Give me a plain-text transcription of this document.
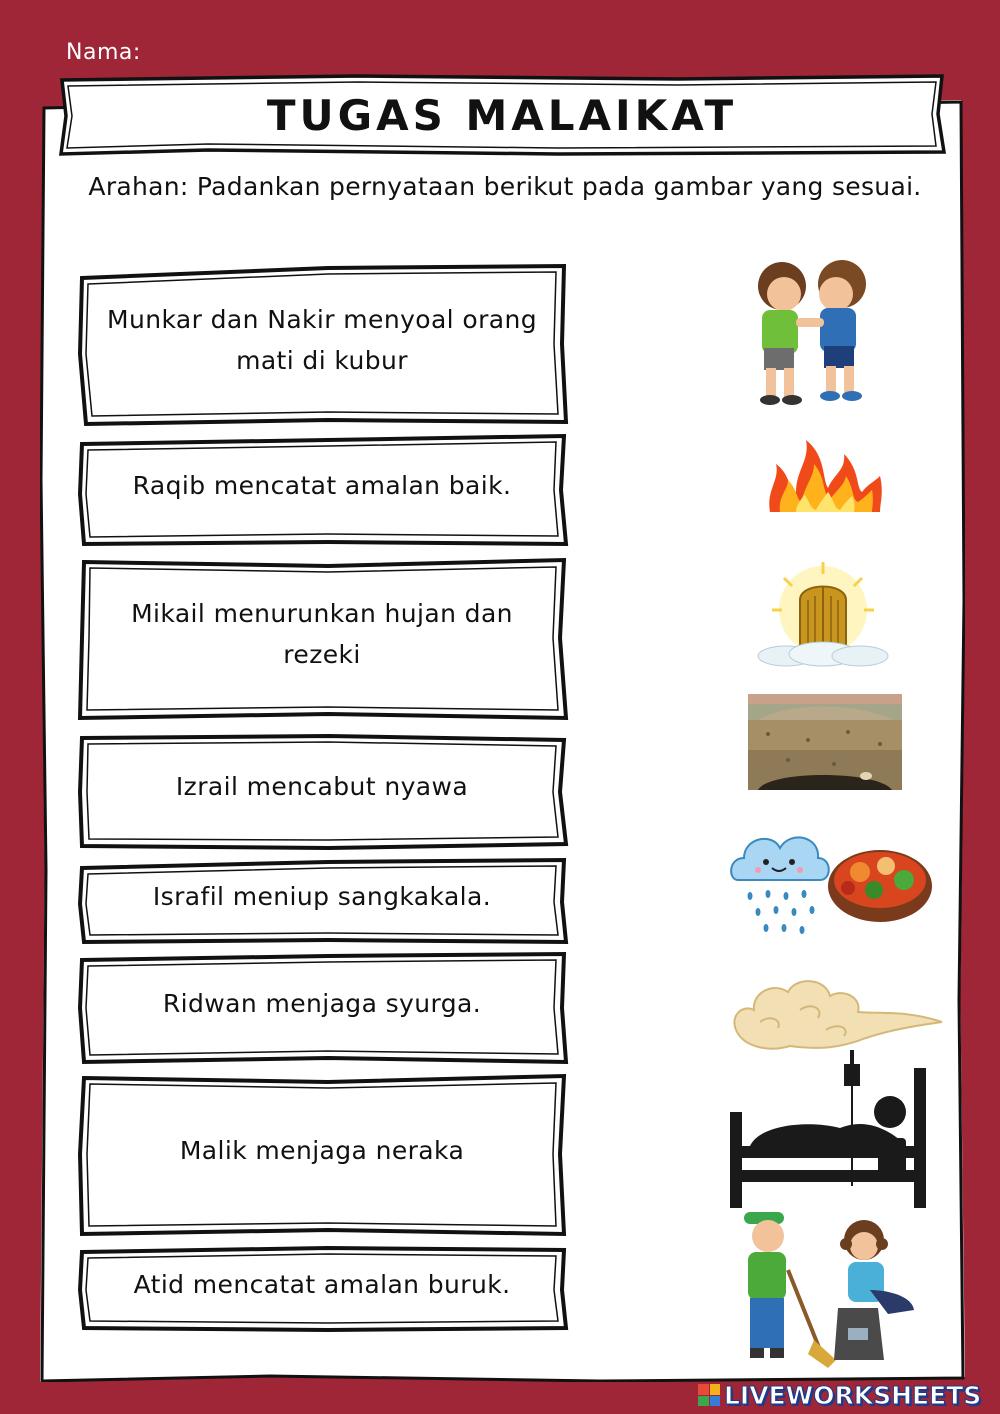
Nama:
TUGAS MALAIKAT
Arahan: Padankan pernyataan berikut pada gambar yang sesuai.
Munkar dan Nakir menyoal orang mati di kubur
Raqib mencatat amalan baik.
Mikail menurunkan hujan dan rezeki
Izrail mencabut nyawa
Israfil meniup sangkakala.
Ridwan menjaga syurga.
Malik menjaga neraka
Atid mencatat amalan buruk.
LIVEWORKSHEETS
